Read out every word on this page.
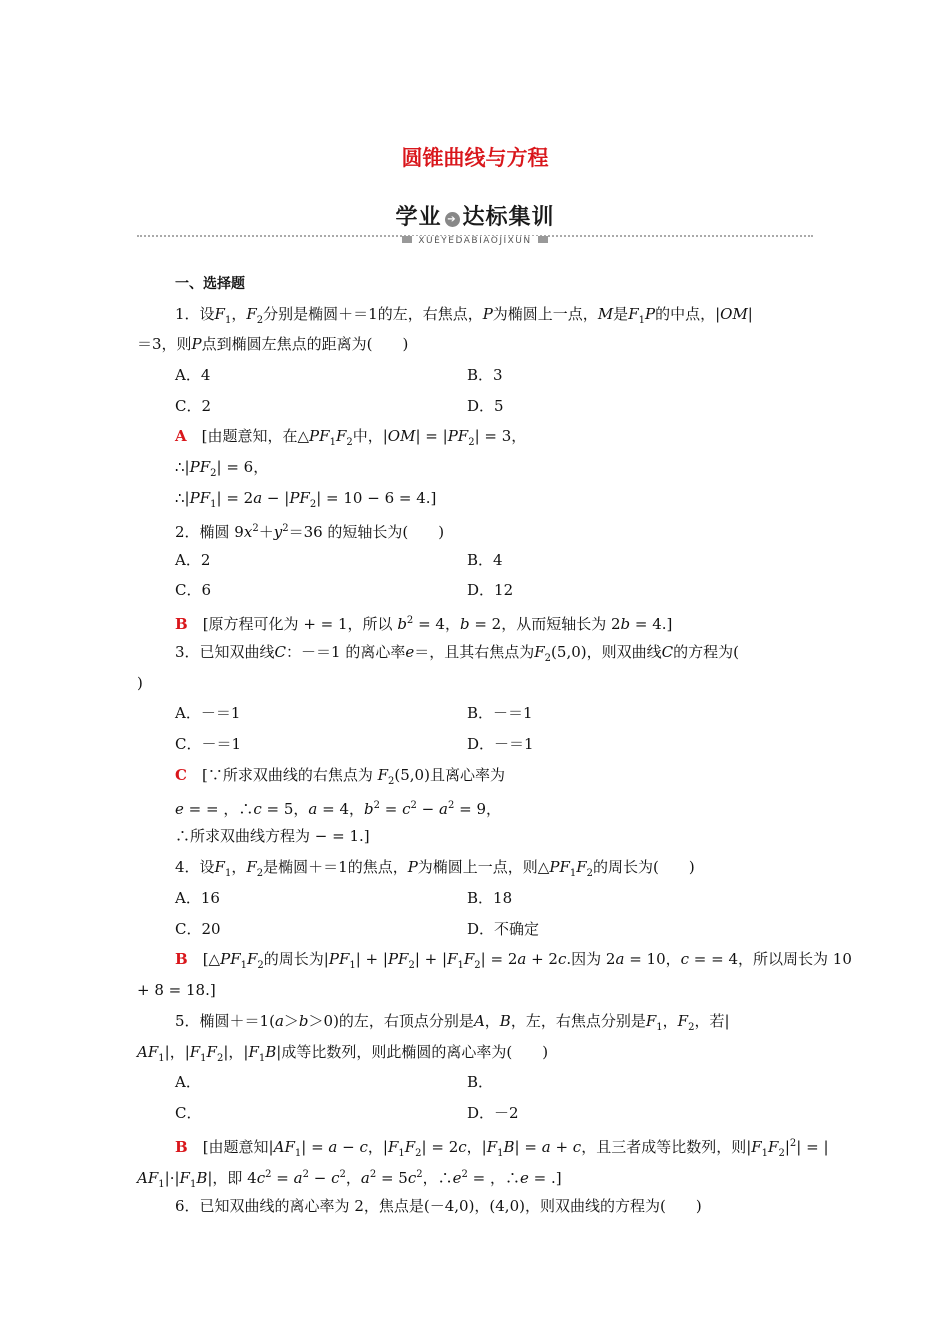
圆锥曲线与方程
学业 ➔ 达标集训
XUEYEDABIAOJIXUN
一、选择题
1．设$F_1$，$F_2$分别是椭圆＋＝1的左，右焦点，P为椭圆上一点，M是$F_1P$的中点，|OM|
＝3，则P点到椭圆左焦点的距离为(　　)
A．4	B．3
C．2	D．5
A　 [由题意知，在$\triangle PF_1F_2$中，$|OM| = |PF_2| = 3$，
$\therefore|PF_2| = 6$，
$\therefore|PF_1| = 2a - |PF_2| = 10 - 6 = 4$.]
2．椭圆 $9x^2+y^2=36$ 的短轴长为(　　)
A．2	B．4
C．6	D．12
B　 [原方程可化为 + = 1，所以 $b^2 = 4$，b = 2，从而短轴长为 2b = 4.]
3．已知双曲线C：－＝1 的离心率e＝，且其右焦点为$F_2(5,0)$，则双曲线C的方程为(
)
A．－＝1	B．－＝1
C．－＝1	D．－＝1
C　 [∵所求双曲线的右焦点为 $F_2(5,0)$且离心率为
e = = ，∴c = 5，a = 4，$b^2 = c^2 - a^2 = 9$，
∴所求双曲线方程为 − = 1.]
4．设$F_1$，$F_2$是椭圆＋＝1的焦点，P为椭圆上一点，则$\triangle PF_1F_2$的周长为(　　)
A．16	B．18
C．20	D．不确定
B　 [$\triangle PF_1F_2$的周长为$|PF_1| + |PF_2| + |F_1F_2| = 2a + 2c$.因为 2a = 10，c = = 4，所以周长为 10
+ 8 = 18.]
5．椭圆＋＝1(a＞b＞0)的左，右顶点分别是A，B，左，右焦点分别是$F_1$，$F_2$，若|
$AF_1|$，$|F_1F_2|$，$|F_1B|$成等比数列，则此椭圆的离心率为(　　)
A．	B．
C．	D．－2
B　 [由题意知$|AF_1| = a - c$，$|F_1F_2| = 2c$，$|F_1B| = a + c$，且三者成等比数列，则$|F_1F_2|^2|$ = |
$AF_1|\cdot|F_1B|$，即 $4c^2 = a^2 - c^2$，$a^2 = 5c^2$，$\therefore e^2$ = ，∴e = .]
6．已知双曲线的离心率为 2，焦点是(－4,0)，(4,0)，则双曲线的方程为(　　)
